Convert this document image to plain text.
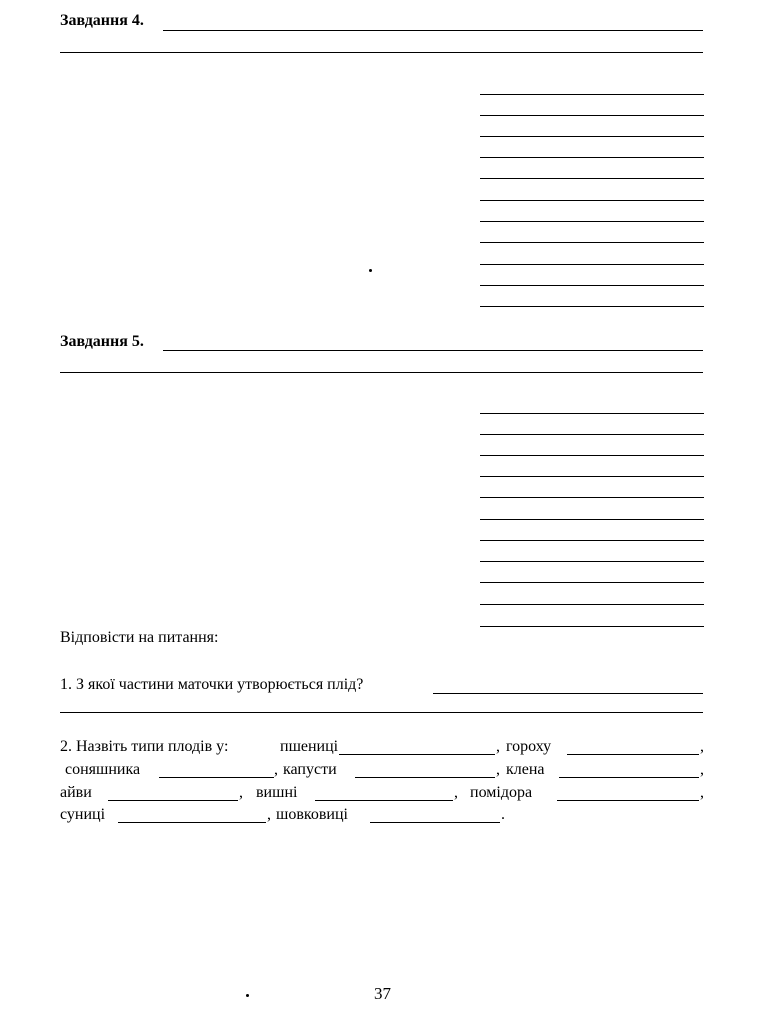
Завдання 4.
Завдання 5.
Відповісти на питання:
1. З якої частини маточки утворюється плід?
2. Назвіть типи плодів у:	пшениці	, гороху	,
соняшника	, капусти	, клена	,
айви	, вишні	, помідора	,
суниці	, шовковиці	.
37
